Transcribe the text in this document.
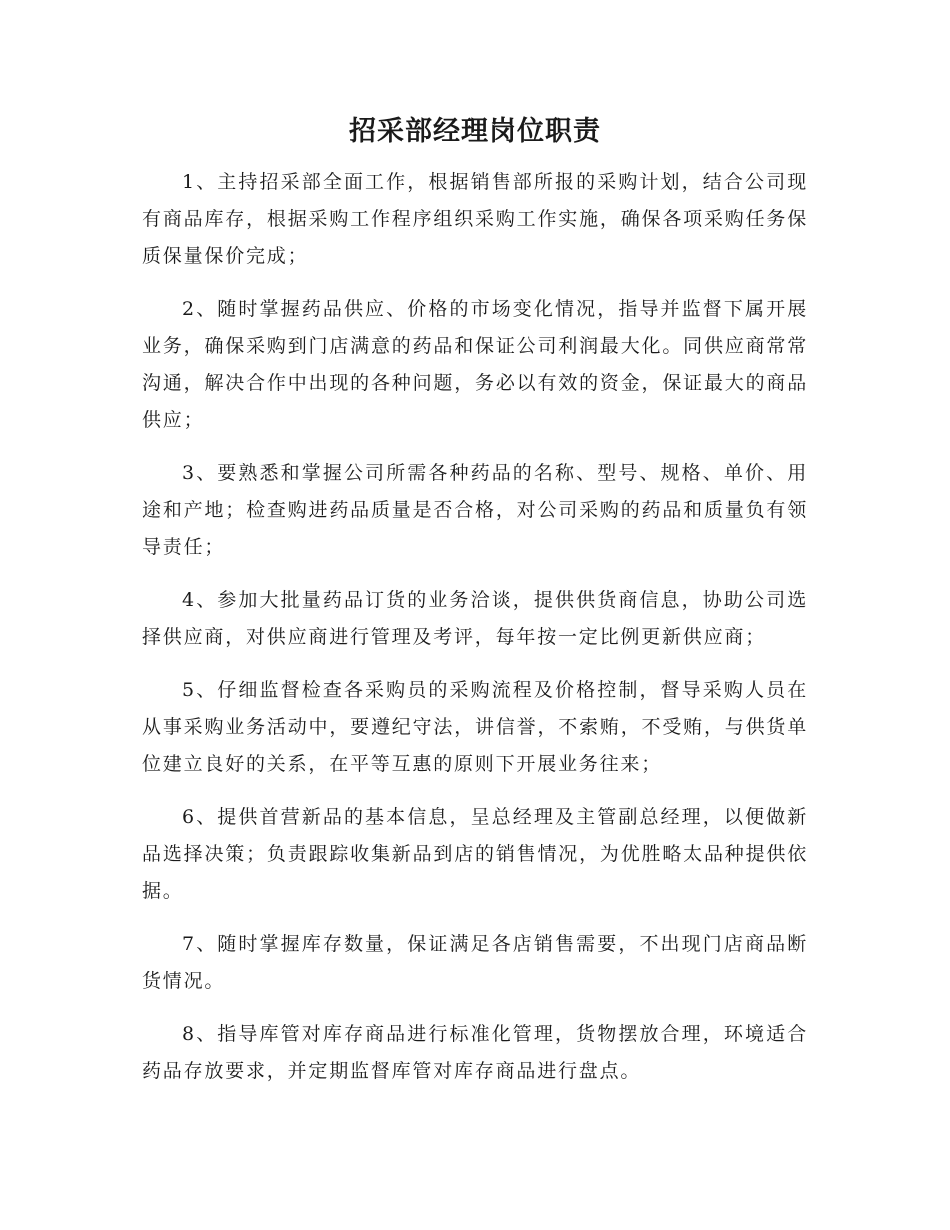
招采部经理岗位职责

1、主持招采部全面工作，根据销售部所报的采购计划，结合公司现有商品库存，根据采购工作程序组织采购工作实施，确保各项采购任务保质保量保价完成；

2、随时掌握药品供应、价格的市场变化情况，指导并监督下属开展业务，确保采购到门店满意的药品和保证公司利润最大化。同供应商常常沟通，解决合作中出现的各种问题，务必以有效的资金，保证最大的商品供应；

3、要熟悉和掌握公司所需各种药品的名称、型号、规格、单价、用途和产地；检查购进药品质量是否合格，对公司采购的药品和质量负有领导责任；

4、参加大批量药品订货的业务洽谈，提供供货商信息，协助公司选择供应商，对供应商进行管理及考评，每年按一定比例更新供应商；

5、仔细监督检查各采购员的采购流程及价格控制，督导采购人员在从事采购业务活动中，要遵纪守法，讲信誉，不索贿，不受贿，与供货单位建立良好的关系，在平等互惠的原则下开展业务往来；

6、提供首营新品的基本信息，呈总经理及主管副总经理，以便做新品选择决策；负责跟踪收集新品到店的销售情况，为优胜略太品种提供依据。

7、随时掌握库存数量，保证满足各店销售需要，不出现门店商品断货情况。

8、指导库管对库存商品进行标准化管理，货物摆放合理，环境适合药品存放要求，并定期监督库管对库存商品进行盘点。
